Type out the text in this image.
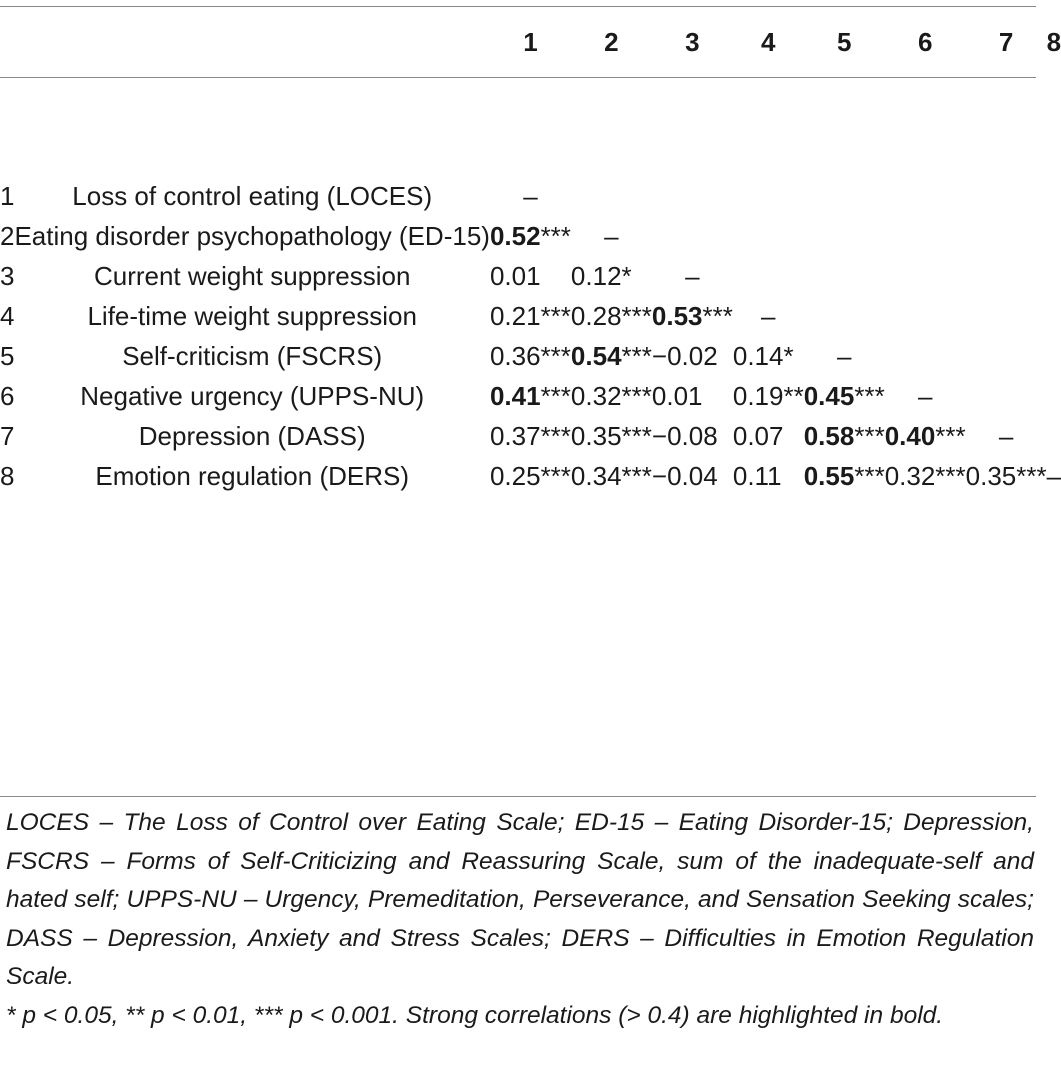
		1	2	3	4	5	6	7	8
1	Loss of control eating (LOCES)	–							
2	Eating disorder psychopathology (ED-15)	0.52***	–						
3	Current weight suppression	0.01	0.12*	–					
4	Life-time weight suppression	0.21***	0.28***	0.53***	–				
5	Self-criticism (FSCRS)	0.36***	0.54***	−0.02	0.14*	–			
6	Negative urgency (UPPS-NU)	0.41***	0.32***	0.01	0.19**	0.45***	–		
7	Depression (DASS)	0.37***	0.35***	−0.08	0.07	0.58***	0.40***	–	
8	Emotion regulation (DERS)	0.25***	0.34***	−0.04	0.11	0.55***	0.32***	0.35***	–

LOCES – The Loss of Control over Eating Scale; ED-15 – Eating Disorder-15; Depression, FSCRS – Forms of Self-Criticizing and Reassuring Scale, sum of the inadequate-self and hated self; UPPS-NU – Urgency, Premeditation, Perseverance, and Sensation Seeking scales; DASS – Depression, Anxiety and Stress Scales; DERS – Difficulties in Emotion Regulation Scale.

* p < 0.05, ** p < 0.01, *** p < 0.001. Strong correlations (> 0.4) are highlighted in bold.
